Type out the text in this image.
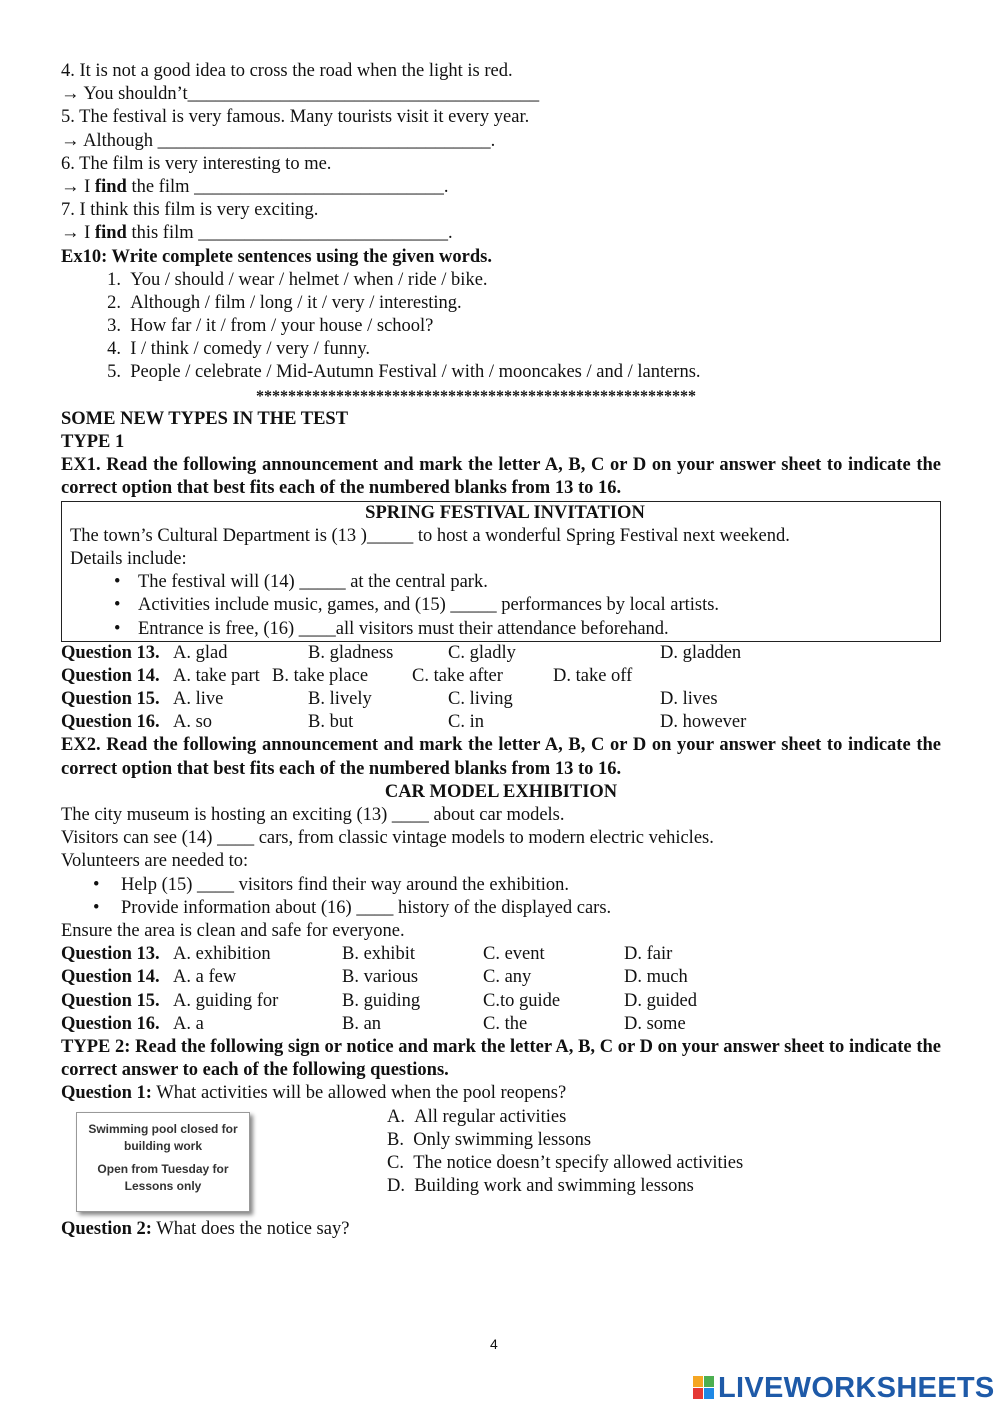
4. It is not a good idea to cross the road when the light is red.
→ You shouldn’t______________________________________
5. The festival is very famous. Many tourists visit it every year.
→ Although ____________________________________.
6. The film is very interesting to me.
→ I find the film ___________________________.
7. I think this film is very exciting.
→ I find this film ___________________________.
Ex10: Write complete sentences using the given words.
1. You / should / wear / helmet / when / ride / bike.
2. Although / film / long / it / very / interesting.
3. How far / it / from / your house / school?
4. I / think / comedy / very / funny.
5. People / celebrate / Mid-Autumn Festival / with / mooncakes / and / lanterns.
*******************************************************
SOME NEW TYPES IN THE TEST
TYPE 1
EX1. Read the following announcement and mark the letter A, B, C or D on your answer sheet to indicate the correct option that best fits each of the numbered blanks from 13 to 16.
SPRING FESTIVAL INVITATION
The town’s Cultural Department is (13 )_____ to host a wonderful Spring Festival next weekend.
Details include:
• The festival will (14) _____ at the central park.
• Activities include music, games, and (15) _____ performances by local artists.
• Entrance is free, (16) ____all visitors must their attendance beforehand.
Question 13. A. glad	B. gladness	C. gladly	D. gladden
Question 14. A. take part B. take place C. take after	D. take off
Question 15. A. live	B. lively	C. living	D. lives
Question 16. A. so	B. but	C. in	D. however
EX2. Read the following announcement and mark the letter A, B, C or D on your answer sheet to indicate the correct option that best fits each of the numbered blanks from 13 to 16.
CAR MODEL EXHIBITION
The city museum is hosting an exciting (13) ____ about car models.
Visitors can see (14) ____ cars, from classic vintage models to modern electric vehicles.
Volunteers are needed to:
• Help (15) ____ visitors find their way around the exhibition.
• Provide information about (16) ____ history of the displayed cars.
Ensure the area is clean and safe for everyone.
Question 13. A. exhibition	B. exhibit	C. event	D. fair
Question 14. A. a few	B. various	C. any	D. much
Question 15. A. guiding for	B. guiding	C.to guide	D. guided
Question 16. A. a	B. an	C. the	D. some
TYPE 2: Read the following sign or notice and mark the letter A, B, C or D on your answer sheet to indicate the correct answer to each of the following questions.
Question 1: What activities will be allowed when the pool reopens?
Swimming pool closed for
building work
Open from Tuesday for
Lessons only
A. All regular activities
B. Only swimming lessons
C. The notice doesn’t specify allowed activities
D. Building work and swimming lessons
Question 2: What does the notice say?
4
LIVEWORKSHEETS
